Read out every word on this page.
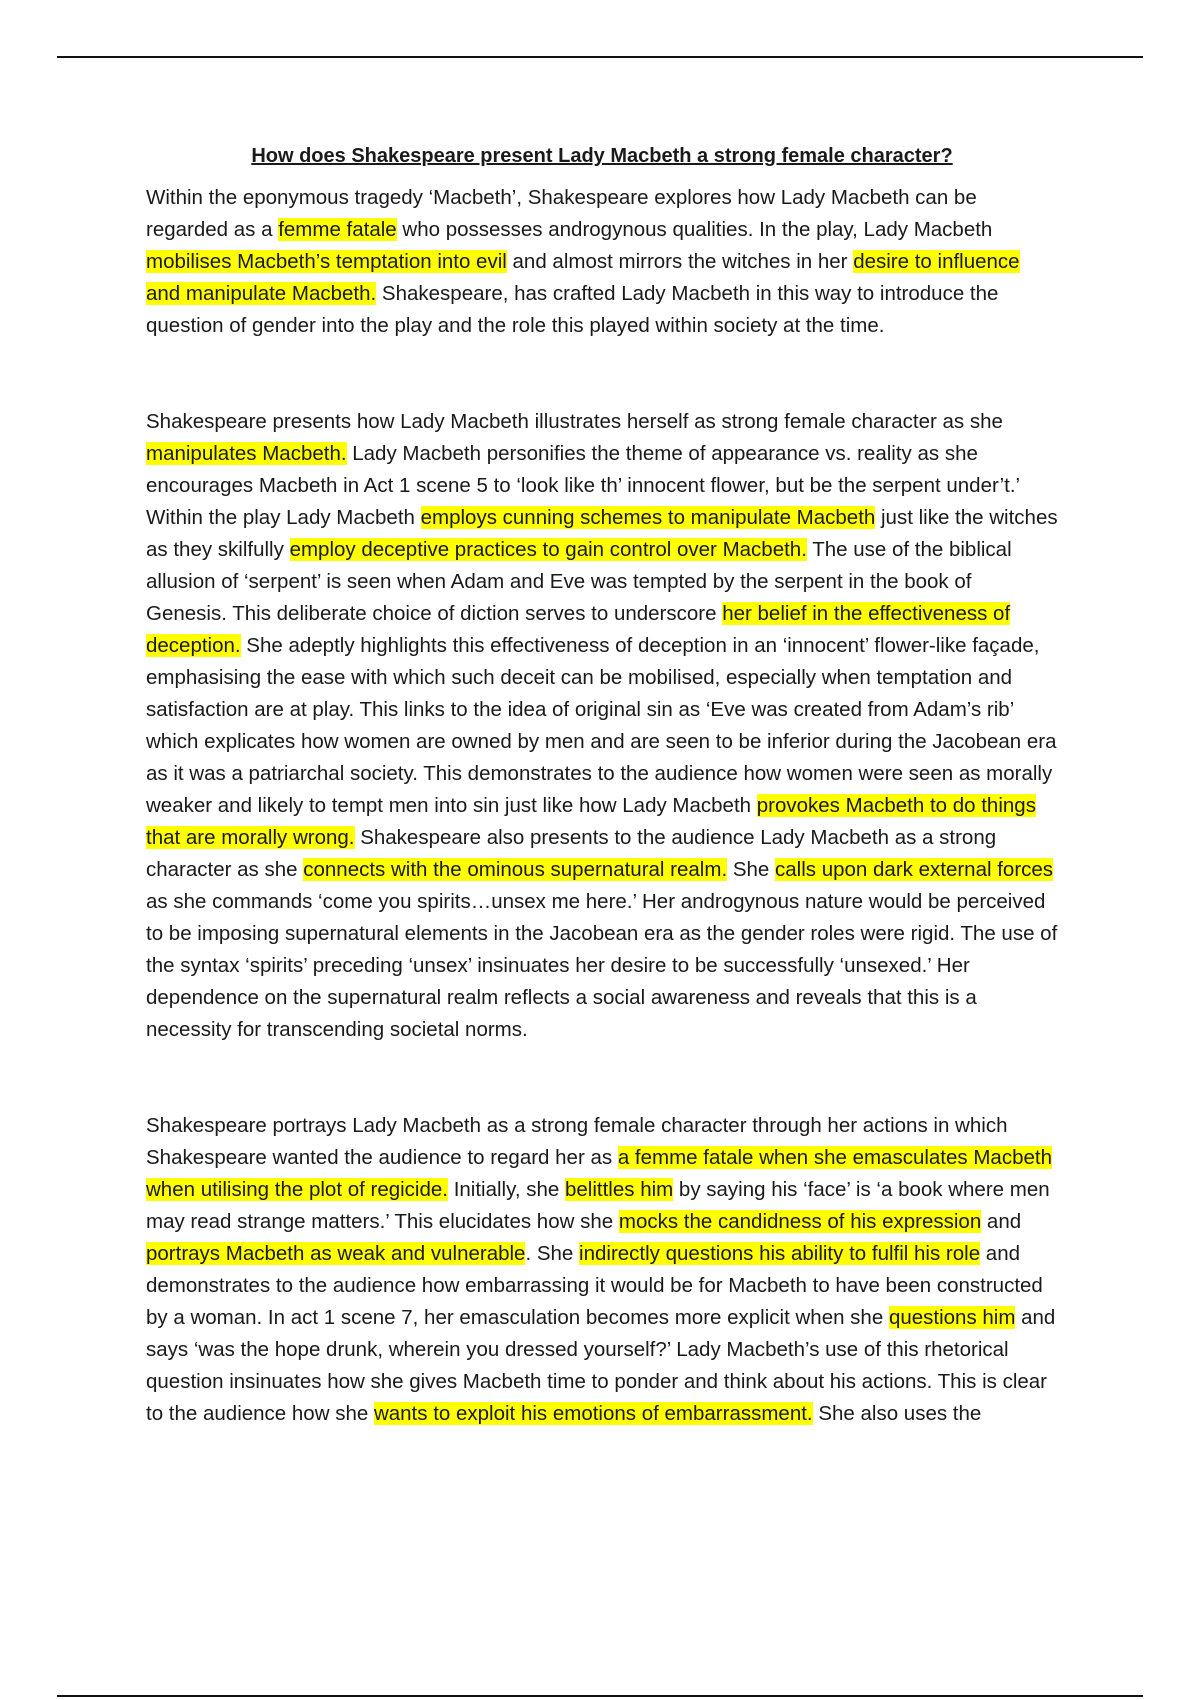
How does Shakespeare present Lady Macbeth a strong female character?

Within the eponymous tragedy ‘Macbeth’, Shakespeare explores how Lady Macbeth can be regarded as a femme fatale who possesses androgynous qualities. In the play, Lady Macbeth mobilises Macbeth’s temptation into evil and almost mirrors the witches in her desire to influence and manipulate Macbeth. Shakespeare, has crafted Lady Macbeth in this way to introduce the question of gender into the play and the role this played within society at the time.

Shakespeare presents how Lady Macbeth illustrates herself as strong female character as she manipulates Macbeth. Lady Macbeth personifies the theme of appearance vs. reality as she encourages Macbeth in Act 1 scene 5 to ‘look like th’ innocent flower, but be the serpent under’t.’ Within the play Lady Macbeth employs cunning schemes to manipulate Macbeth just like the witches as they skilfully employ deceptive practices to gain control over Macbeth. The use of the biblical allusion of ‘serpent’ is seen when Adam and Eve was tempted by the serpent in the book of Genesis. This deliberate choice of diction serves to underscore her belief in the effectiveness of deception. She adeptly highlights this effectiveness of deception in an ‘innocent’ flower-like façade, emphasising the ease with which such deceit can be mobilised, especially when temptation and satisfaction are at play. This links to the idea of original sin as ‘Eve was created from Adam’s rib’ which explicates how women are owned by men and are seen to be inferior during the Jacobean era as it was a patriarchal society. This demonstrates to the audience how women were seen as morally weaker and likely to tempt men into sin just like how Lady Macbeth provokes Macbeth to do things that are morally wrong. Shakespeare also presents to the audience Lady Macbeth as a strong character as she connects with the ominous supernatural realm. She calls upon dark external forces as she commands ‘come you spirits…unsex me here.’ Her androgynous nature would be perceived to be imposing supernatural elements in the Jacobean era as the gender roles were rigid. The use of the syntax ‘spirits’ preceding ‘unsex’ insinuates her desire to be successfully ‘unsexed.’ Her dependence on the supernatural realm reflects a social awareness and reveals that this is a necessity for transcending societal norms.

Shakespeare portrays Lady Macbeth as a strong female character through her actions in which Shakespeare wanted the audience to regard her as a femme fatale when she emasculates Macbeth when utilising the plot of regicide. Initially, she belittles him by saying his ‘face’ is ‘a book where men may read strange matters.’ This elucidates how she mocks the candidness of his expression and portrays Macbeth as weak and vulnerable. She indirectly questions his ability to fulfil his role and demonstrates to the audience how embarrassing it would be for Macbeth to have been constructed by a woman. In act 1 scene 7, her emasculation becomes more explicit when she questions him and says ‘was the hope drunk, wherein you dressed yourself?’ Lady Macbeth’s use of this rhetorical question insinuates how she gives Macbeth time to ponder and think about his actions. This is clear to the audience how she wants to exploit his emotions of embarrassment. She also uses the
